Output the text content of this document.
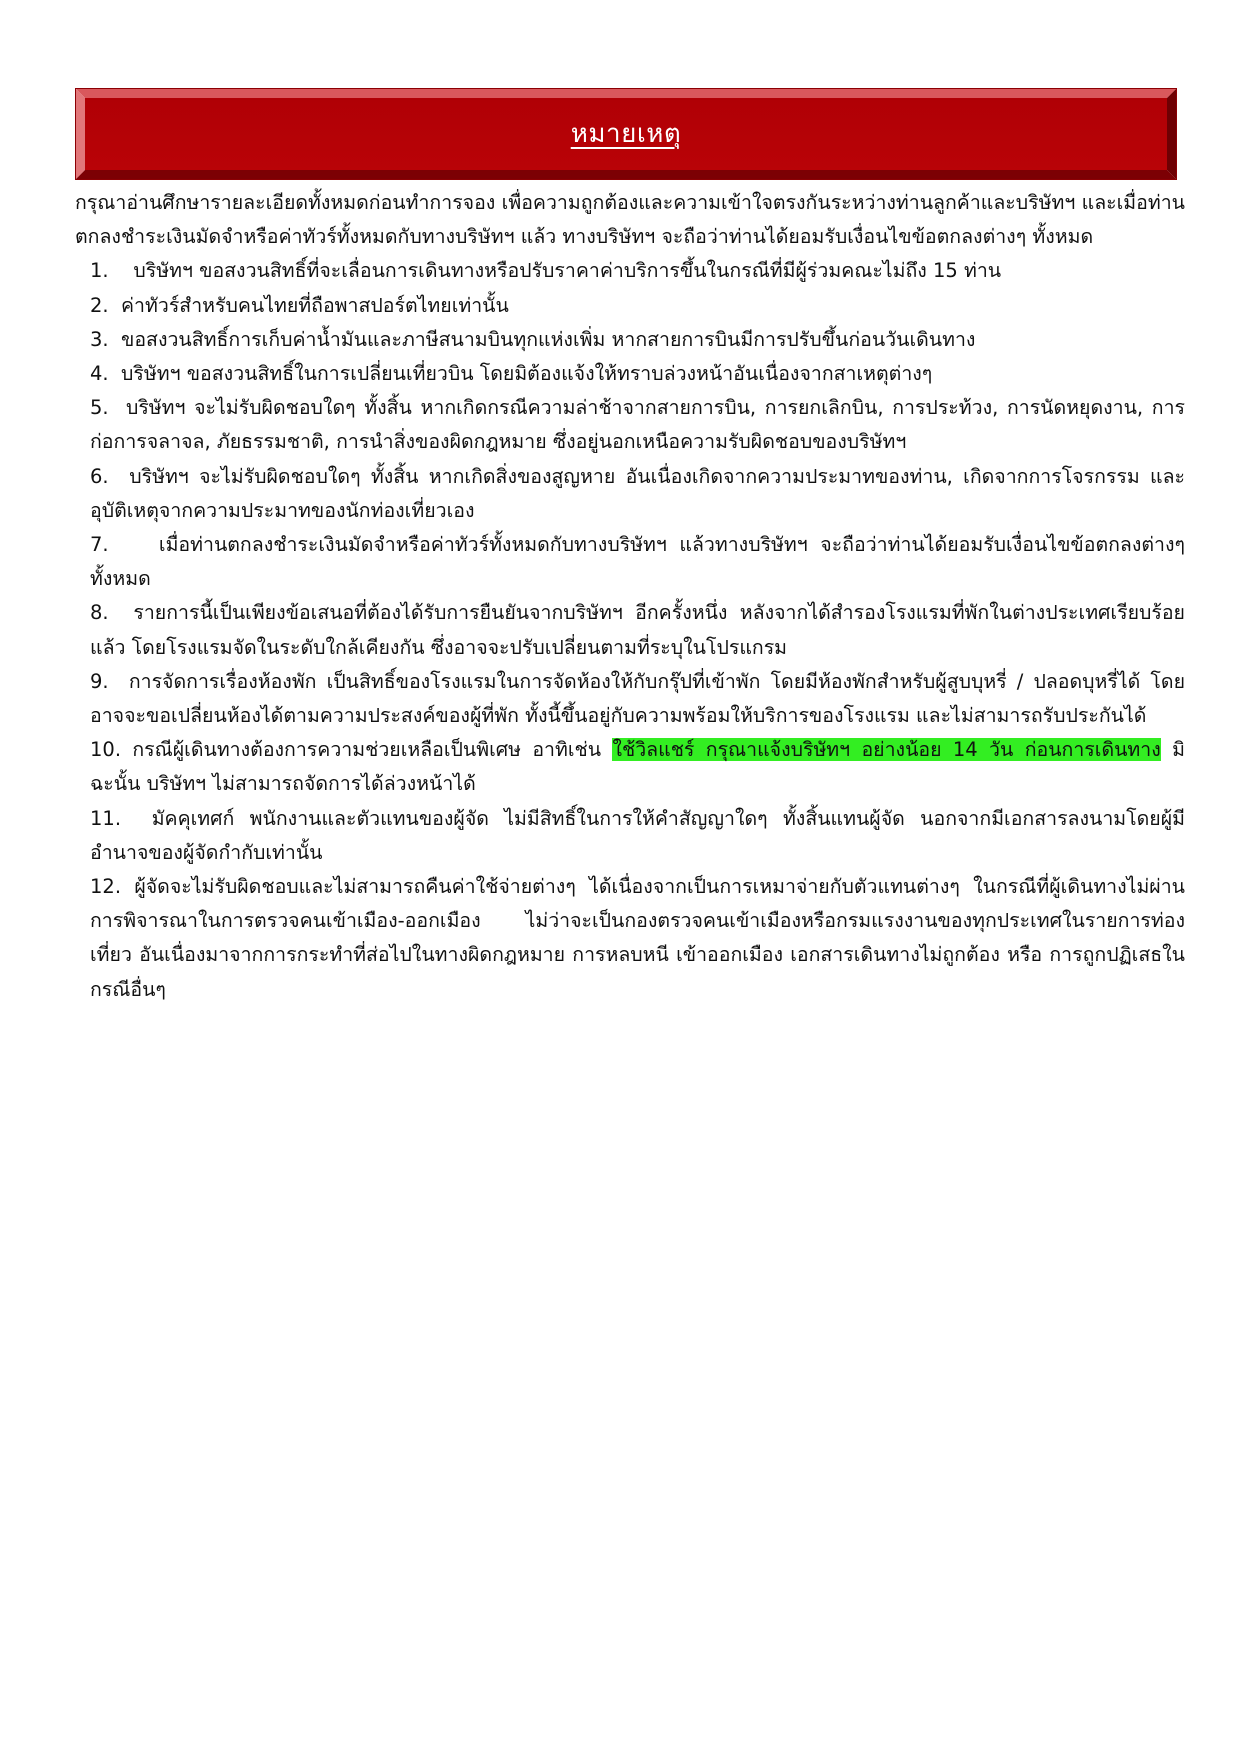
หมายเหตุ

กรุณาอ่านศึกษารายละเอียดทั้งหมดก่อนทำการจอง เพื่อความถูกต้องและความเข้าใจตรงกันระหว่างท่านลูกค้าและบริษัทฯ และเมื่อท่านตกลงชำระเงินมัดจำหรือค่าทัวร์ทั้งหมดกับทางบริษัทฯ แล้ว ทางบริษัทฯ จะถือว่าท่านได้ยอมรับเงื่อนไขข้อตกลงต่างๆ ทั้งหมด

1. บริษัทฯ ขอสงวนสิทธิ์ที่จะเลื่อนการเดินทางหรือปรับราคาค่าบริการขึ้นในกรณีที่มีผู้ร่วมคณะไม่ถึง 15 ท่าน
2. ค่าทัวร์สำหรับคนไทยที่ถือพาสปอร์ตไทยเท่านั้น
3. ขอสงวนสิทธิ์การเก็บค่าน้ำมันและภาษีสนามบินทุกแห่งเพิ่ม หากสายการบินมีการปรับขึ้นก่อนวันเดินทาง
4. บริษัทฯ ขอสงวนสิทธิ์ในการเปลี่ยนเที่ยวบิน โดยมิต้องแจ้งให้ทราบล่วงหน้าอันเนื่องจากสาเหตุต่างๆ
5. บริษัทฯ จะไม่รับผิดชอบใดๆ ทั้งสิ้น หากเกิดกรณีความล่าช้าจากสายการบิน, การยกเลิกบิน, การประท้วง, การนัดหยุดงาน, การก่อการจลาจล, ภัยธรรมชาติ, การนำสิ่งของผิดกฎหมาย ซึ่งอยู่นอกเหนือความรับผิดชอบของบริษัทฯ
6. บริษัทฯ จะไม่รับผิดชอบใดๆ ทั้งสิ้น หากเกิดสิ่งของสูญหาย อันเนื่องเกิดจากความประมาทของท่าน, เกิดจากการโจรกรรม และ อุบัติเหตุจากความประมาทของนักท่องเที่ยวเอง
7.	เมื่อท่านตกลงชำระเงินมัดจำหรือค่าทัวร์ทั้งหมดกับทางบริษัทฯ แล้วทางบริษัทฯ จะถือว่าท่านได้ยอมรับเงื่อนไขข้อตกลงต่างๆ ทั้งหมด
8. รายการนี้เป็นเพียงข้อเสนอที่ต้องได้รับการยืนยันจากบริษัทฯ อีกครั้งหนึ่ง หลังจากได้สำรองโรงแรมที่พักในต่างประเทศเรียบร้อยแล้ว โดยโรงแรมจัดในระดับใกล้เคียงกัน ซึ่งอาจจะปรับเปลี่ยนตามที่ระบุในโปรแกรม
9. การจัดการเรื่องห้องพัก เป็นสิทธิ์ของโรงแรมในการจัดห้องให้กับกรุ๊ปที่เข้าพัก โดยมีห้องพักสำหรับผู้สูบบุหรี่ / ปลอดบุหรี่ได้ โดยอาจจะขอเปลี่ยนห้องได้ตามความประสงค์ของผู้ที่พัก ทั้งนี้ขึ้นอยู่กับความพร้อมให้บริการของโรงแรม และไม่สามารถรับประกันได้
10. กรณีผู้เดินทางต้องการความช่วยเหลือเป็นพิเศษ อาทิเช่น ใช้วิลแชร์ กรุณาแจ้งบริษัทฯ อย่างน้อย 14 วัน ก่อนการเดินทาง มิฉะนั้น บริษัทฯ ไม่สามารถจัดการได้ล่วงหน้าได้
11. มัคคุเทศก์ พนักงานและตัวแทนของผู้จัด ไม่มีสิทธิ์ในการให้คำสัญญาใดๆ ทั้งสิ้นแทนผู้จัด นอกจากมีเอกสารลงนามโดยผู้มีอำนาจของผู้จัดกำกับเท่านั้น
12. ผู้จัดจะไม่รับผิดชอบและไม่สามารถคืนค่าใช้จ่ายต่างๆ ได้เนื่องจากเป็นการเหมาจ่ายกับตัวแทนต่างๆ ในกรณีที่ผู้เดินทางไม่ผ่านการพิจารณาในการตรวจคนเข้าเมือง-ออกเมือง ไม่ว่าจะเป็นกองตรวจคนเข้าเมืองหรือกรมแรงงานของทุกประเทศในรายการท่องเที่ยว อันเนื่องมาจากการกระทำที่ส่อไปในทางผิดกฎหมาย การหลบหนี เข้าออกเมือง เอกสารเดินทางไม่ถูกต้อง หรือ การถูกปฏิเสธในกรณีอื่นๆ
